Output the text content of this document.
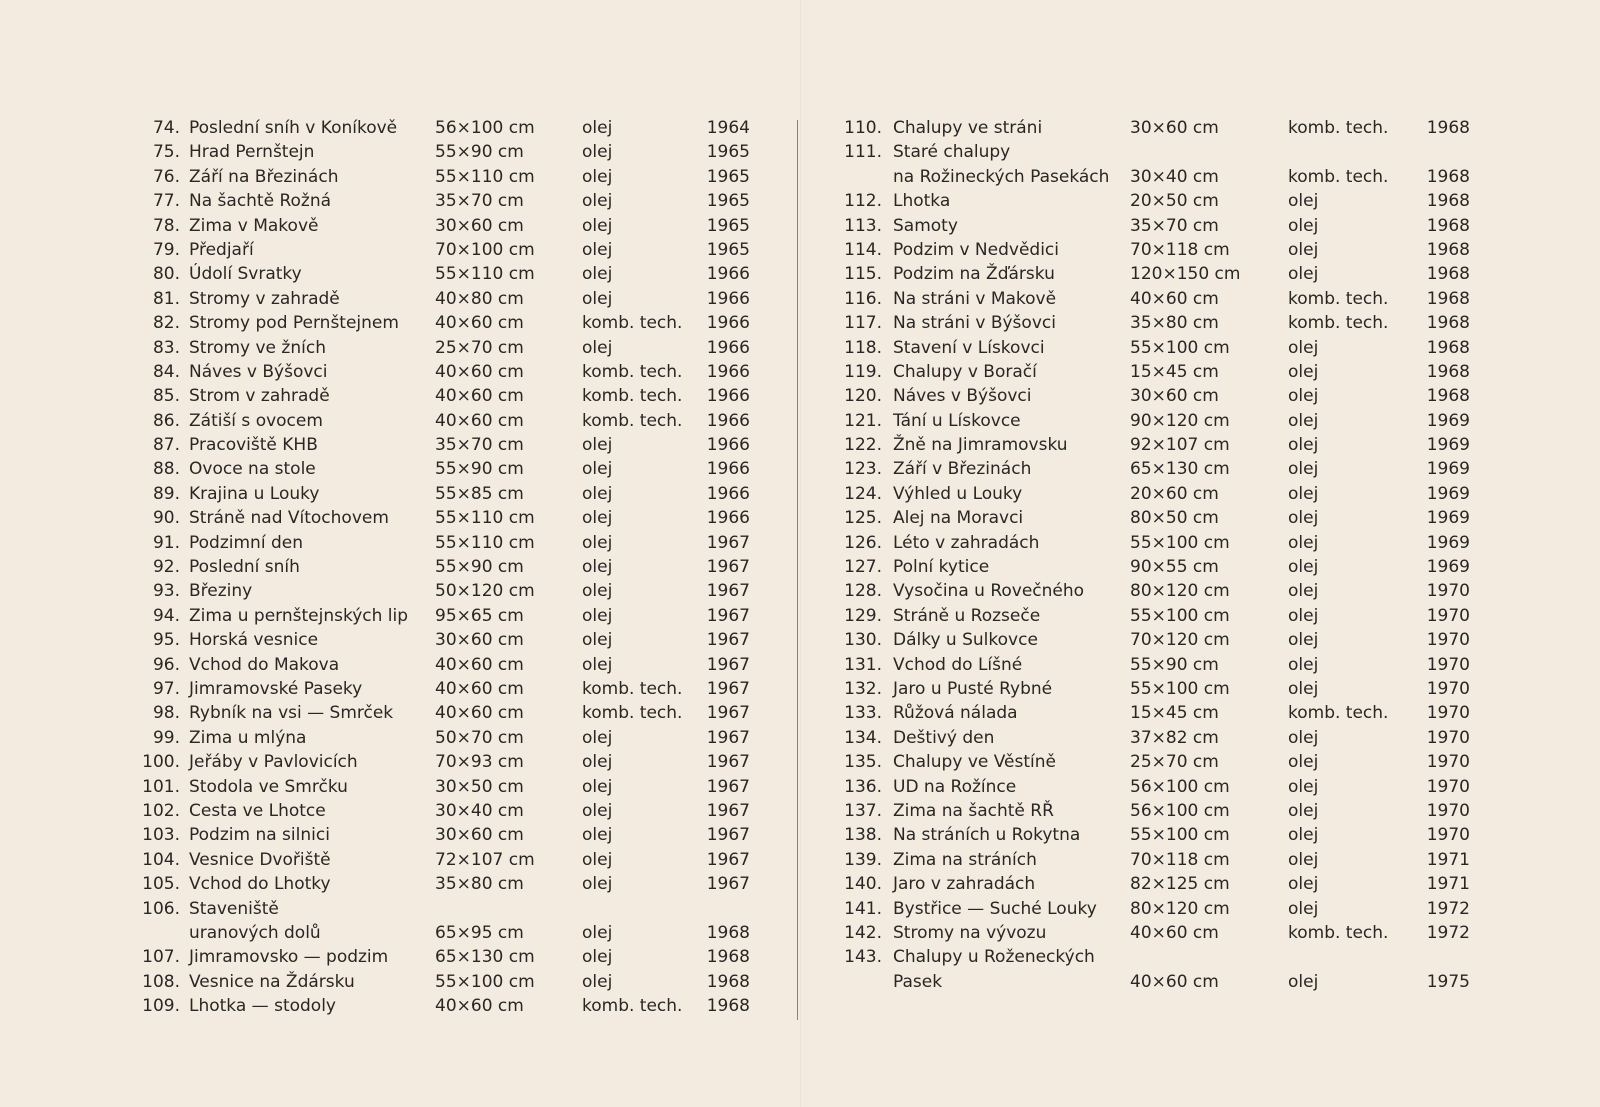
74. Poslední sníh v Koníkově 56×100 cm	olej	1964
75. Hrad Pernštejn	55×90 cm	olej	1965
76. Září na Březinách	55×110 cm	olej	1965
77. Na šachtě Rožná	35×70 cm	olej	1965
78. Zima v Makově	30×60 cm	olej	1965
79. Předjaří	70×100 cm	olej	1965
80. Údolí Svratky	55×110 cm	olej	1966
81. Stromy v zahradě	40×80 cm	olej	1966
82. Stromy pod Pernštejnem 40×60 cm	komb. tech.	1966
83. Stromy ve žních	25×70 cm	olej	1966
84. Náves v Býšovci	40×60 cm	komb. tech.	1966
85. Strom v zahradě	40×60 cm	komb. tech.	1966
86. Zátiší s ovocem	40×60 cm	komb. tech.	1966
87. Pracoviště KHB	35×70 cm	olej	1966
88. Ovoce na stole	55×90 cm	olej	1966
89. Krajina u Louky	55×85 cm	olej	1966
90. Stráně nad Vítochovem	55×110 cm	olej	1966
91. Podzimní den	55×110 cm	olej	1967
92. Poslední sníh	55×90 cm	olej	1967
93. Březiny	50×120 cm	olej	1967
94. Zima u pernštejnských lip 95×65 cm	olej	1967
95. Horská vesnice	30×60 cm	olej	1967
96. Vchod do Makova	40×60 cm	olej	1967
97. Jimramovské Paseky	40×60 cm	komb. tech.	1967
98. Rybník na vsi — Smrček 40×60 cm	komb. tech.	1967
99. Zima u mlýna	50×70 cm	olej	1967
100. Jeřáby v Pavlovicích	70×93 cm	olej	1967
101. Stodola ve Smrčku	30×50 cm	olej	1967
102. Cesta ve Lhotce	30×40 cm	olej	1967
103. Podzim na silnici	30×60 cm	olej	1967
104. Vesnice Dvořiště	72×107 cm	olej	1967
105. Vchod do Lhotky	35×80 cm	olej	1967
106. Staveniště
uranových dolů	65×95 cm	olej	1968
107. Jimramovsko — podzim	65×130 cm	olej	1968
108. Vesnice na Ždársku	55×100 cm	olej	1968
109. Lhotka — stodoly	40×60 cm	komb. tech.	1968
110. Chalupy ve stráni	30×60 cm	komb. tech.	1968
111. Staré chalupy
na Rožineckých Pasekách 30×40 cm	komb. tech.	1968
112. Lhotka	20×50 cm	olej	1968
113. Samoty	35×70 cm	olej	1968
114. Podzim v Nedvědici	70×118 cm	olej	1968
115. Podzim na Žďársku	120×150 cm	olej	1968
116. Na stráni v Makově	40×60 cm	komb. tech.	1968
117. Na stráni v Býšovci	35×80 cm	komb. tech.	1968
118. Stavení v Lískovci	55×100 cm	olej	1968
119. Chalupy v Boračí	15×45 cm	olej	1968
120. Náves v Býšovci	30×60 cm	olej	1968
121. Tání u Lískovce	90×120 cm	olej	1969
122. Žně na Jimramovsku	92×107 cm	olej	1969
123. Září v Březinách	65×130 cm	olej	1969
124. Výhled u Louky	20×60 cm	olej	1969
125. Alej na Moravci	80×50 cm	olej	1969
126. Léto v zahradách	55×100 cm	olej	1969
127. Polní kytice	90×55 cm	olej	1969
128. Vysočina u Rovečného	80×120 cm	olej	1970
129. Stráně u Rozseče	55×100 cm	olej	1970
130. Dálky u Sulkovce	70×120 cm	olej	1970
131. Vchod do Líšné	55×90 cm	olej	1970
132. Jaro u Pusté Rybné	55×100 cm	olej	1970
133. Růžová nálada	15×45 cm	komb. tech.	1970
134. Deštivý den	37×82 cm	olej	1970
135. Chalupy ve Věstíně	25×70 cm	olej	1970
136. UD na Rožínce	56×100 cm	olej	1970
137. Zima na šachtě RŘ	56×100 cm	olej	1970
138. Na stráních u Rokytna	55×100 cm	olej	1970
139. Zima na stráních	70×118 cm	olej	1971
140. Jaro v zahradách	82×125 cm	olej	1971
141. Bystřice — Suché Louky 80×120 cm	olej	1972
142. Stromy na vývozu	40×60 cm	komb. tech.	1972
143. Chalupy u Roženeckých
Pasek	40×60 cm	olej	1975
